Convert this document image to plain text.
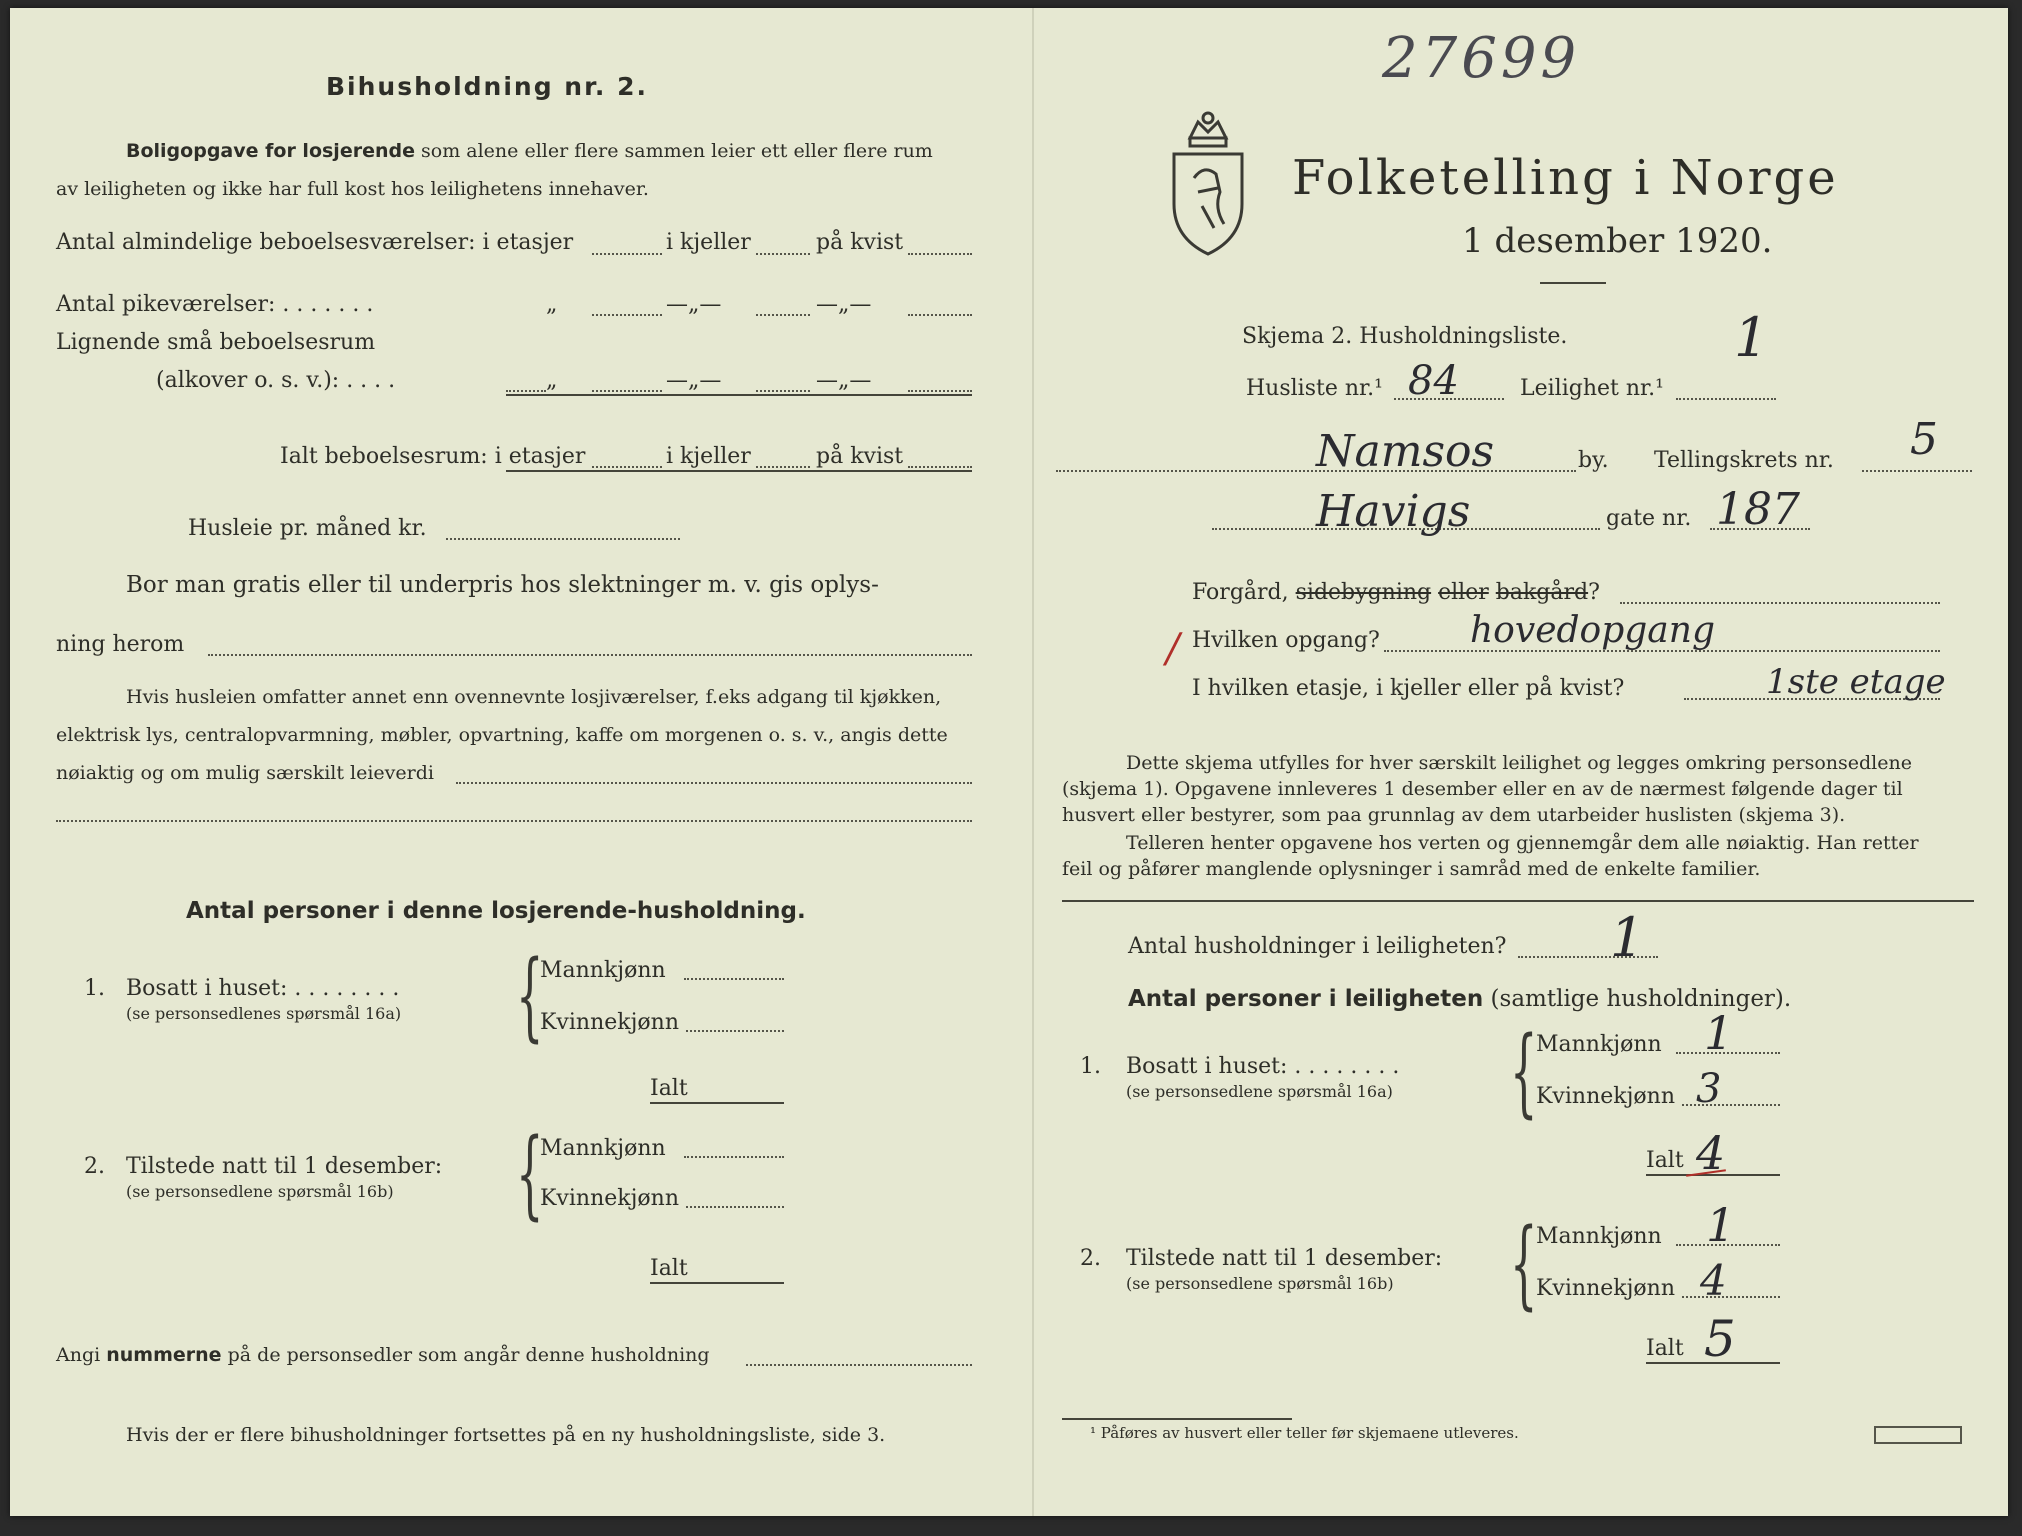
Bihusholdning nr. 2.
Boligopgave for losjerende som alene eller flere sammen leier ett eller flere rum
av leiligheten og ikke har full kost hos leilighetens innehaver.
Antal almindelige beboelsesværelser: i etasjer	i kjeller	på kvist
Antal pikeværelser: . . . . . . .	„	—„—	—„—
Lignende små beboelsesrum
(alkover o. s. v.): . . . .	„	—„—	—„—
Ialt beboelsesrum: i etasjer	i kjeller	på kvist
Husleie pr. måned kr.
Bor man gratis eller til underpris hos slektninger m. v. gis oplys-
ning herom
Hvis husleien omfatter annet enn ovennevnte losjiværelser, f.eks adgang til kjøkken,
elektrisk lys, centralopvarmning, møbler, opvartning, kaffe om morgenen o. s. v., angis dette
nøiaktig og om mulig særskilt leieverdi
Antal personer i denne losjerende-husholdning.
1. Bosatt i huset: . . . . . . . .
(se personsedlenes spørsmål 16a) {
Mannkjønn
Kvinnekjønn
Ialt
2. Tilstede natt til 1 desember:
(se personsedlene spørsmål 16b) {
Mannkjønn
Kvinnekjønn
Ialt
Angi nummerne på de personsedler som angår denne husholdning
Hvis der er flere bihusholdninger fortsettes på en ny husholdningsliste, side 3.
27699
Folketelling i Norge
1 desember 1920.
Skjema 2. Husholdningsliste.	1
Husliste nr.¹ 84	Leilighet nr.¹
Namsos	by. Tellingskrets nr. 5
Havigs	gate nr. 187
Forgård, sidebygning eller bakgård?
/ Hvilken opgang?	hovedopgang
I hvilken etasje, i kjeller eller på kvist?	1ste etage
Dette skjema utfylles for hver særskilt leilighet og legges omkring personsedlene
(skjema 1). Opgavene innleveres 1 desember eller en av de nærmest følgende dager til
husvert eller bestyrer, som paa grunnlag av dem utarbeider huslisten (skjema 3).
Telleren henter opgavene hos verten og gjennemgår dem alle nøiaktig. Han retter
feil og påfører manglende oplysninger i samråd med de enkelte familier.
Antal husholdninger i leiligheten? 1
Antal personer i leiligheten (samtlige husholdninger).
1. Bosatt i huset: . . . . . . . .
(se personsedlene spørsmål 16a) {
Mannkjønn 1
Kvinnekjønn 3
Ialt 4
2. Tilstede natt til 1 desember:
(se personsedlene spørsmål 16b) {
Mannkjønn 1
Kvinnekjønn 4
Ialt 5
¹ Påføres av husvert eller teller før skjemaene utleveres.
